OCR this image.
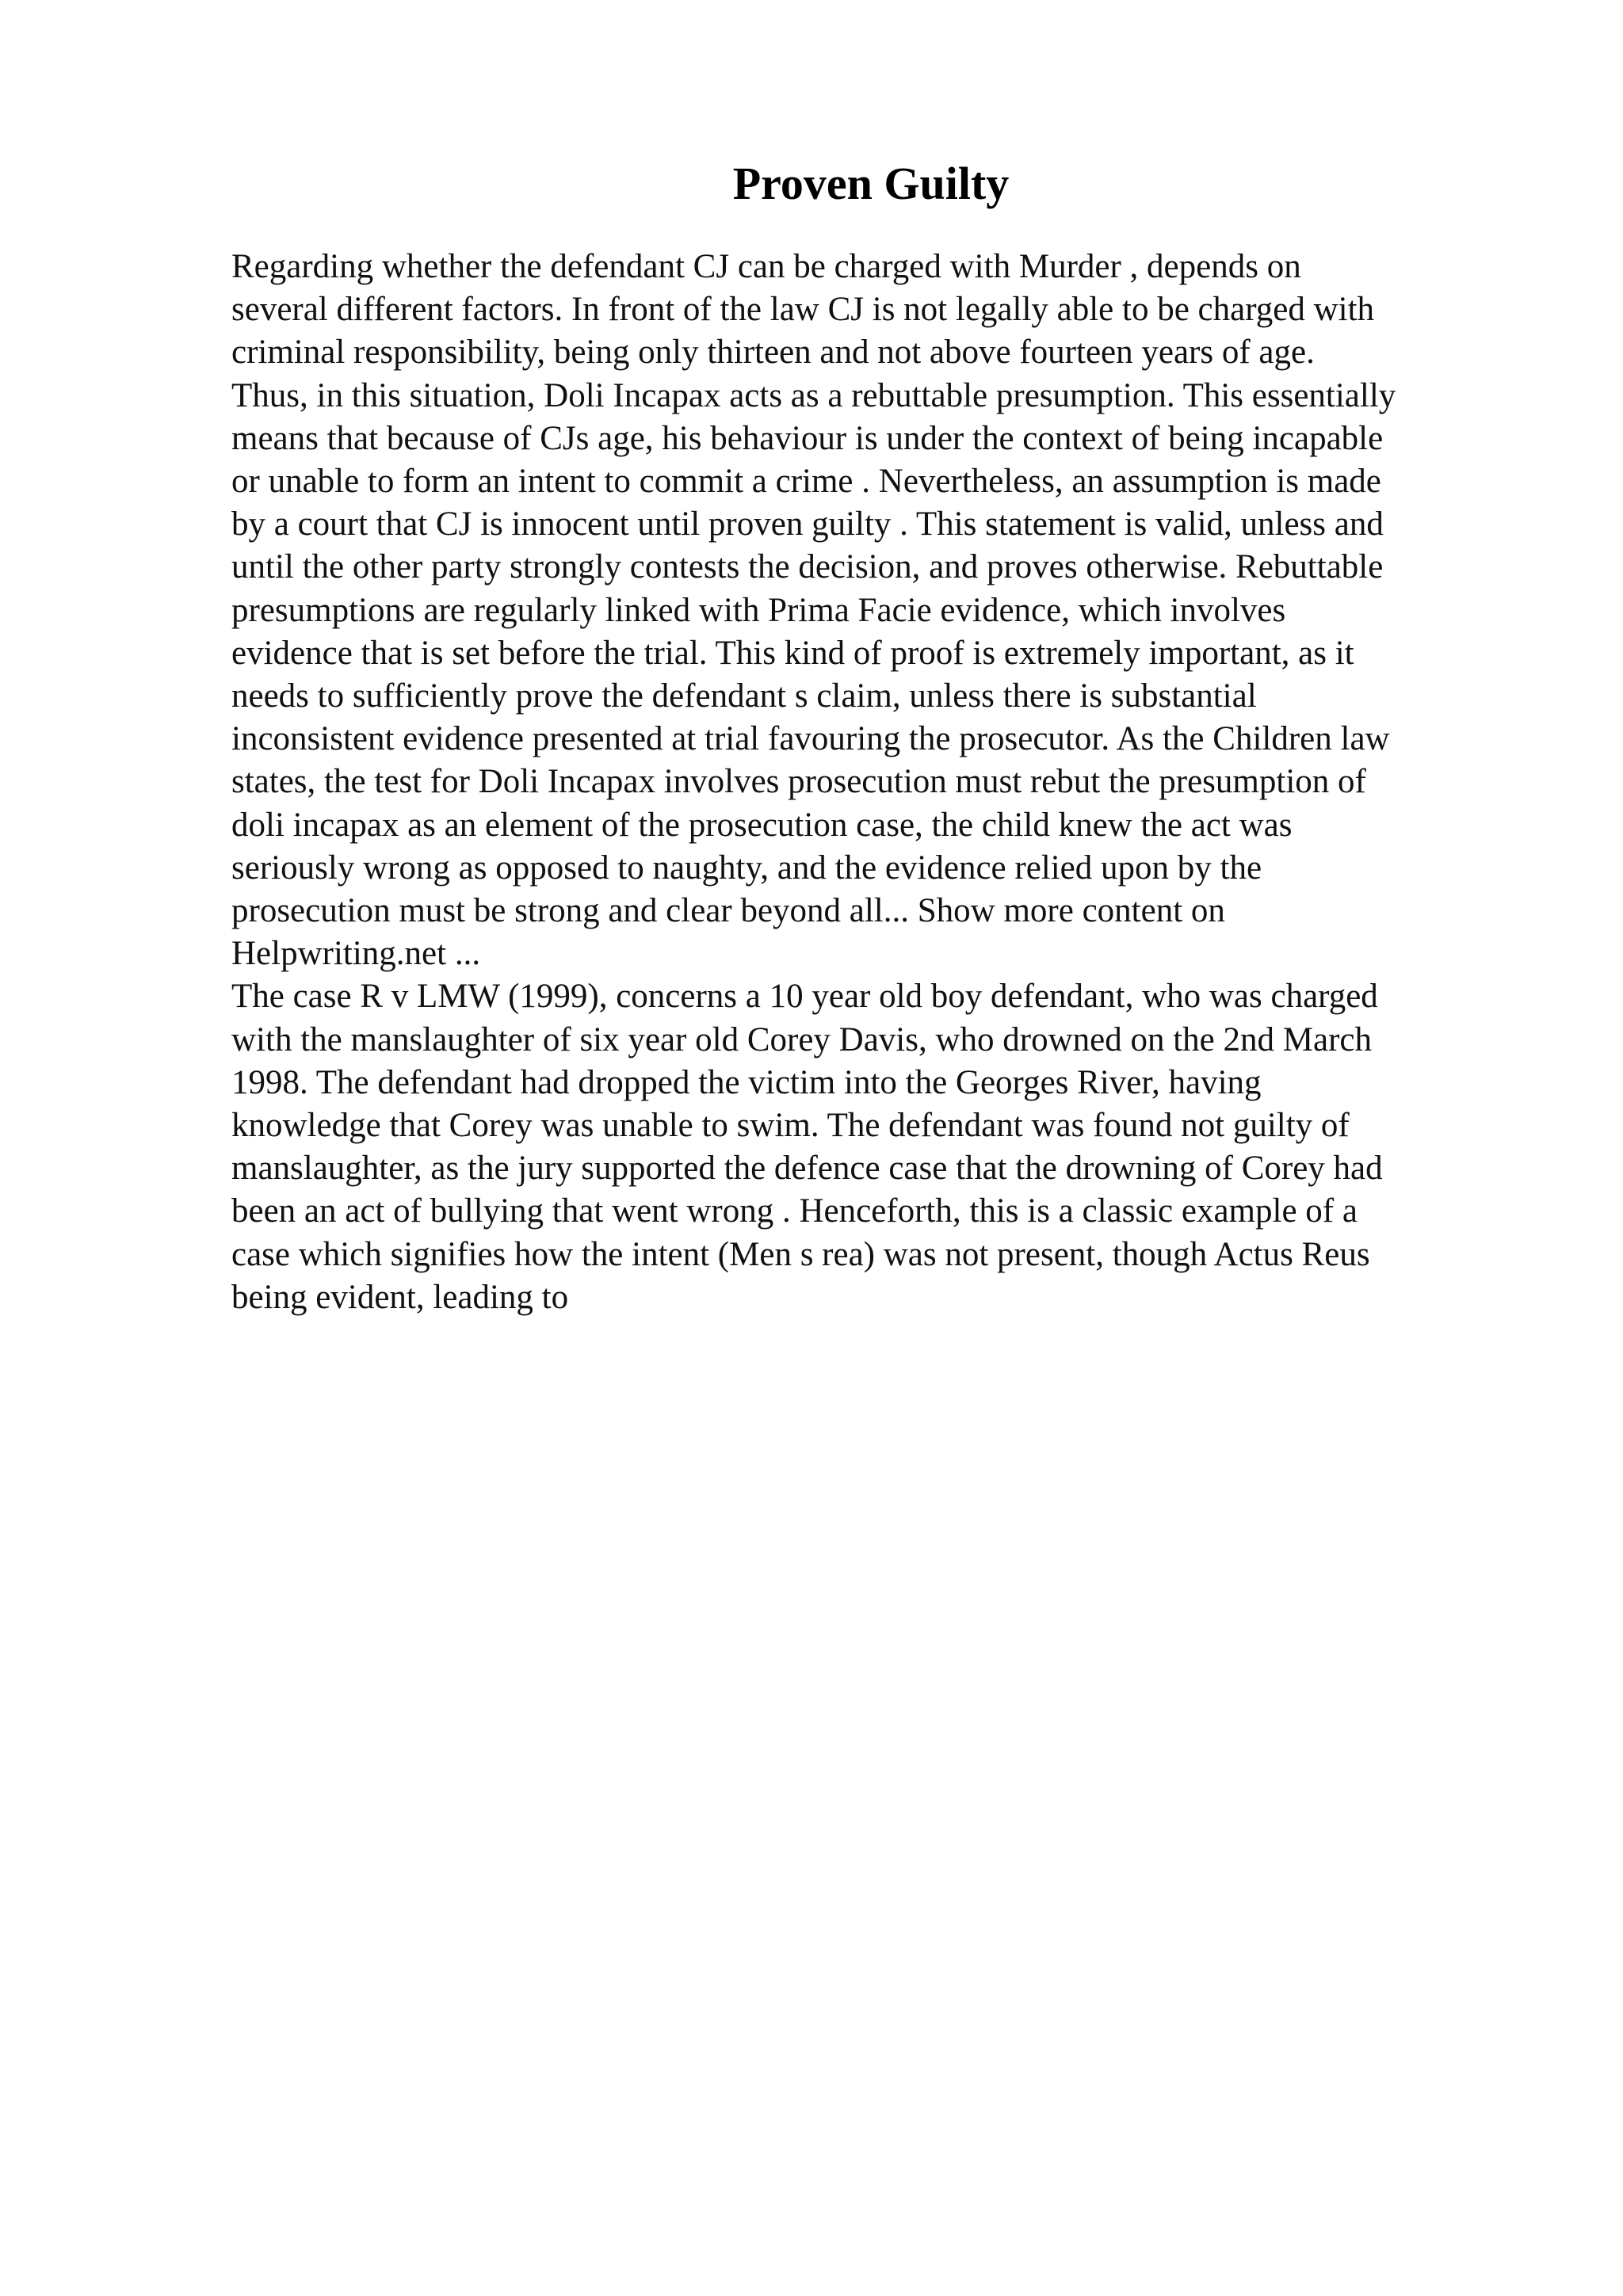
Proven Guilty

Regarding whether the defendant CJ can be charged with Murder , depends on
several different factors. In front of the law CJ is not legally able to be charged with
criminal responsibility, being only thirteen and not above fourteen years of age.
Thus, in this situation, Doli Incapax acts as a rebuttable presumption. This essentially
means that because of CJs age, his behaviour is under the context of being incapable
or unable to form an intent to commit a crime . Nevertheless, an assumption is made
by a court that CJ is innocent until proven guilty . This statement is valid, unless and
until the other party strongly contests the decision, and proves otherwise. Rebuttable
presumptions are regularly linked with Prima Facie evidence, which involves
evidence that is set before the trial. This kind of proof is extremely important, as it
needs to sufficiently prove the defendant s claim, unless there is substantial
inconsistent evidence presented at trial favouring the prosecutor. As the Children law
states, the test for Doli Incapax involves prosecution must rebut the presumption of
doli incapax as an element of the prosecution case, the child knew the act was
seriously wrong as opposed to naughty, and the evidence relied upon by the
prosecution must be strong and clear beyond all... Show more content on
Helpwriting.net ...

The case R v LMW (1999), concerns a 10 year old boy defendant, who was charged
with the manslaughter of six year old Corey Davis, who drowned on the 2nd March
1998. The defendant had dropped the victim into the Georges River, having
knowledge that Corey was unable to swim. The defendant was found not guilty of
manslaughter, as the jury supported the defence case that the drowning of Corey had
been an act of bullying that went wrong . Henceforth, this is a classic example of a
case which signifies how the intent (Men s rea) was not present, though Actus Reus
being evident, leading to
